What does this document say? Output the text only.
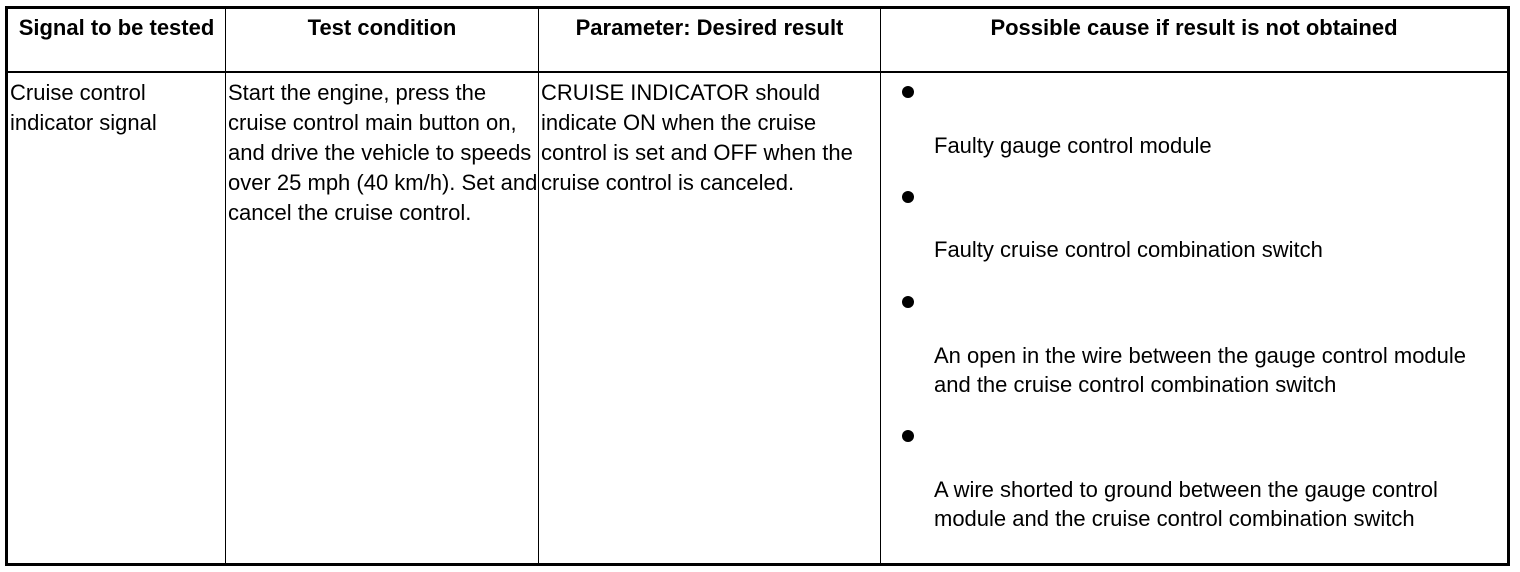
Signal to be tested	Test condition	Parameter: Desired result	Possible cause if result is not obtained
Cruise control indicator signal	Start the engine, press the cruise control main button on, and drive the vehicle to speeds over 25 mph (40 km/h). Set and cancel the cruise control.	CRUISE INDICATOR should indicate ON when the cruise control is set and OFF when the cruise control is canceled.	Faulty gauge control module
Faulty cruise control combination switch
An open in the wire between the gauge control module and the cruise control combination switch
A wire shorted to ground between the gauge control module and the cruise control combination switch
